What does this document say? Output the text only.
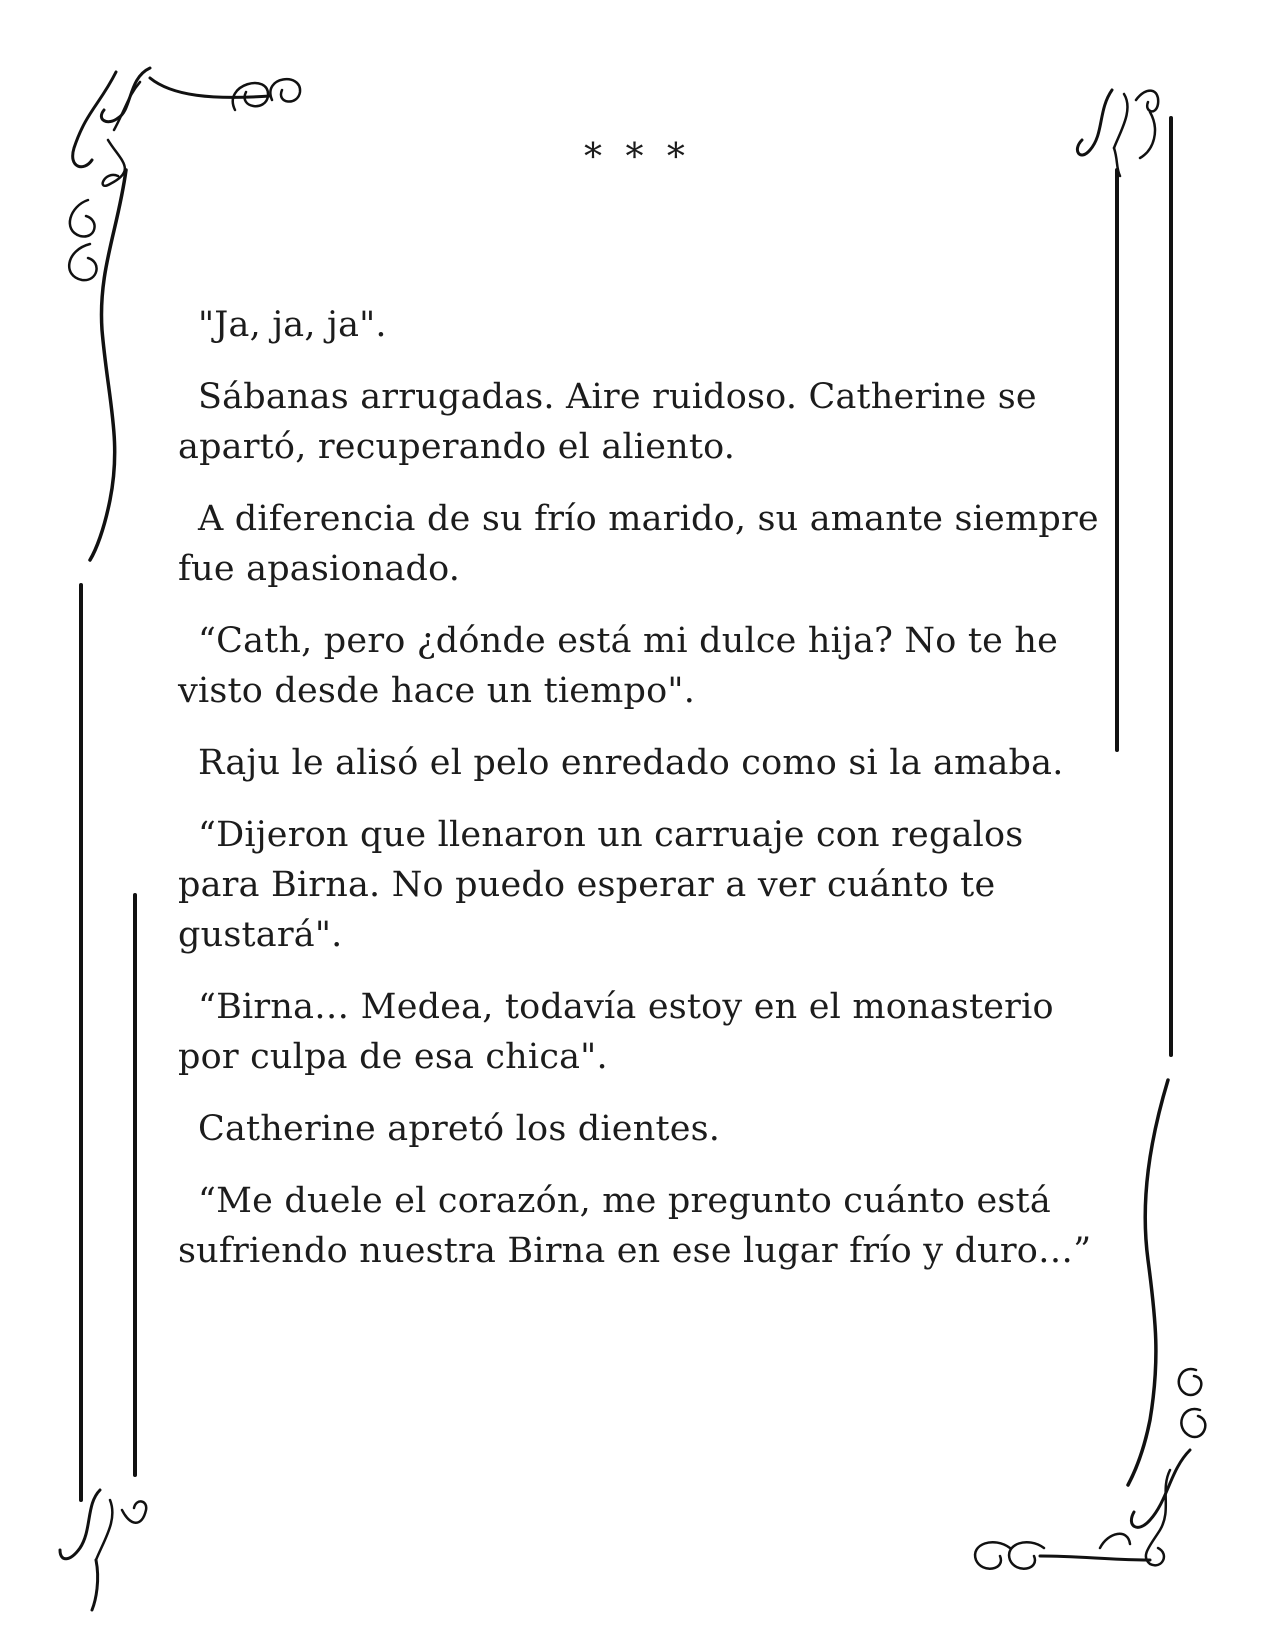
* * *

"Ja, ja, ja".

Sábanas arrugadas. Aire ruidoso. Catherine se apartó, recuperando el aliento.

A diferencia de su frío marido, su amante siempre fue apasionado.

“Cath, pero ¿dónde está mi dulce hija? No te he visto desde hace un tiempo".

Raju le alisó el pelo enredado como si la amaba.

“Dijeron que llenaron un carruaje con regalos para Birna. No puedo esperar a ver cuánto te gustará".

“Birna… Medea, todavía estoy en el monasterio por culpa de esa chica".

Catherine apretó los dientes.

“Me duele el corazón, me pregunto cuánto está sufriendo nuestra Birna en ese lugar frío y duro…”
